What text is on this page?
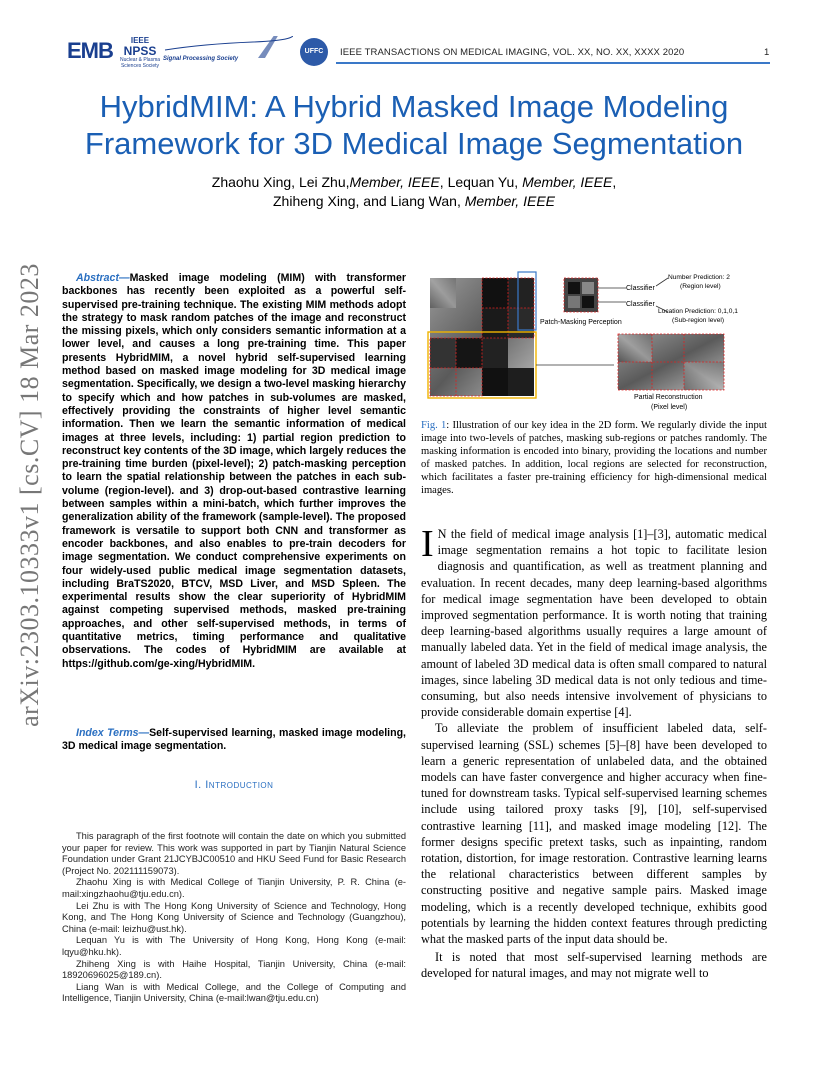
EMB	IEEE
NPSS
Nuclear & Plasma Sciences Society
Signal Processing Society
UFFC	IEEE TRANSACTIONS ON MEDICAL IMAGING, VOL. XX, NO. XX, XXXX 2020	1
HybridMIM: A Hybrid Masked Image Modeling
Framework for 3D Medical Image Segmentation
Zhaohu Xing, Lei Zhu,Member, IEEE, Lequan Yu, Member, IEEE,
Zhiheng Xing, and Liang Wan, Member, IEEE
arXiv:2303.10333v1 [cs.CV] 18 Mar 2023	Abstract—Masked image modeling (MIM) with transformer backbones has recently been exploited as a powerful self-supervised pre-training technique. The existing MIM methods adopt the strategy to mask random patches of the image and reconstruct the missing pixels, which only considers semantic information at a lower level, and causes a long pre-training time. This paper presents HybridMIM, a novel hybrid self-supervised learning method based on masked image modeling for 3D medical image segmentation. Specifically, we design a two-level masking hierarchy to specify which and how patches in sub-volumes are masked, effectively providing the constraints of higher level semantic information. Then we learn the semantic information of medical images at three levels, including: 1) partial region prediction to reconstruct key contents of the 3D image, which largely reduces the pre-training time burden (pixel-level); 2) patch-masking perception to learn the spatial relationship between the patches in each sub-volume (region-level). and 3) drop-out-based contrastive learning between samples within a mini-batch, which further improves the generalization ability of the framework (sample-level). The proposed framework is versatile to support both CNN and transformer as encoder backbones, and also enables to pre-train decoders for image segmentation. We conduct comprehensive experiments on four widely-used public medical image segmentation datasets, including BraTS2020, BTCV, MSD Liver, and MSD Spleen. The experimental results show the clear superiority of HybridMIM against competing supervised methods, masked pre-training approaches, and other self-supervised methods, in terms of quantitative metrics, timing performance and qualitative observations. The codes of HybridMIM are available at https://github.com/ge-xing/HybridMIM.
Index Terms—Self-supervised learning, masked image modeling, 3D medical image segmentation.
I. Introduction

This paragraph of the first footnote will contain the date on which you submitted your paper for review. This work was supported in part by Tianjin Natural Science Foundation under Grant 21JCYBJC00510 and HKU Seed Fund for Basic Research (Project No. 202111159073).

Zhaohu Xing is with Medical College of Tianjin University, P. R. China (e-mail:xingzhaohu@tju.edu.cn).

Lei Zhu is with The Hong Kong University of Science and Technology, Hong Kong, and The Hong Kong University of Science and Technology (Guangzhou), China (e-mail: leizhu@ust.hk).

Lequan Yu is with The University of Hong Kong, Hong Kong (e-mail: lqyu@hku.hk).

Zhiheng Xing is with Haihe Hospital, Tianjin University, China (e-mail: 18920696025@189.cn).

Liang Wan is with Medical College, and the College of Computing and Intelligence, Tianjin University, China (e-mail:lwan@tju.edu.cn)

Classifier
Classifier
Number Prediction: 2
(Region level)
Location Prediction: 0,1,0,1
(Sub-region level)
Patch-Masking Perception
Partial Reconstruction
(Pixel level)
Fig. 1: Illustration of our key idea in the 2D form. We regularly divide the input image into two-levels of patches, masking sub-regions or patches randomly. The masking information is encoded into binary, providing the locations and number of masked patches. In addition, local regions are selected for reconstruction, which facilitates a faster pre-training efficiency for high-dimensional medical images.

I N the field of medical image analysis [1]–[3], automatic medical image segmentation remains a hot topic to facilitate lesion diagnosis and quantification, as well as treatment planning and evaluation. In recent decades, many deep learning-based algorithms for medical image segmentation have been developed to obtain improved segmentation performance. It is worth noting that training deep learning-based algorithms usually requires a large amount of manually labeled data. Yet in the field of medical image analysis, the amount of labeled 3D medical data is often small compared to natural images, since labeling 3D medical data is not only tedious and time-consuming, but also needs intensive involvement of physicians to provide considerable domain expertise [4].

To alleviate the problem of insufficient labeled data, self-supervised learning (SSL) schemes [5]–[8] have been developed to learn a generic representation of unlabeled data, and the obtained models can have faster convergence and higher accuracy when fine-tuned for downstream tasks. Typical self-supervised learning schemes include using tailored proxy tasks [9], [10], self-supervised contrastive learning [11], and masked image modeling [12]. The former designs specific pretext tasks, such as inpainting, random rotation, distortion, for image restoration. Contrastive learning learns the relational characteristics between different samples by constructing positive and negative sample pairs. Masked image modeling, which is a recently developed technique, exhibits good potentials by learning the hidden context features through predicting what the masked parts of the input data should be.

It is noted that most self-supervised learning methods are developed for natural images, and may not migrate well to
